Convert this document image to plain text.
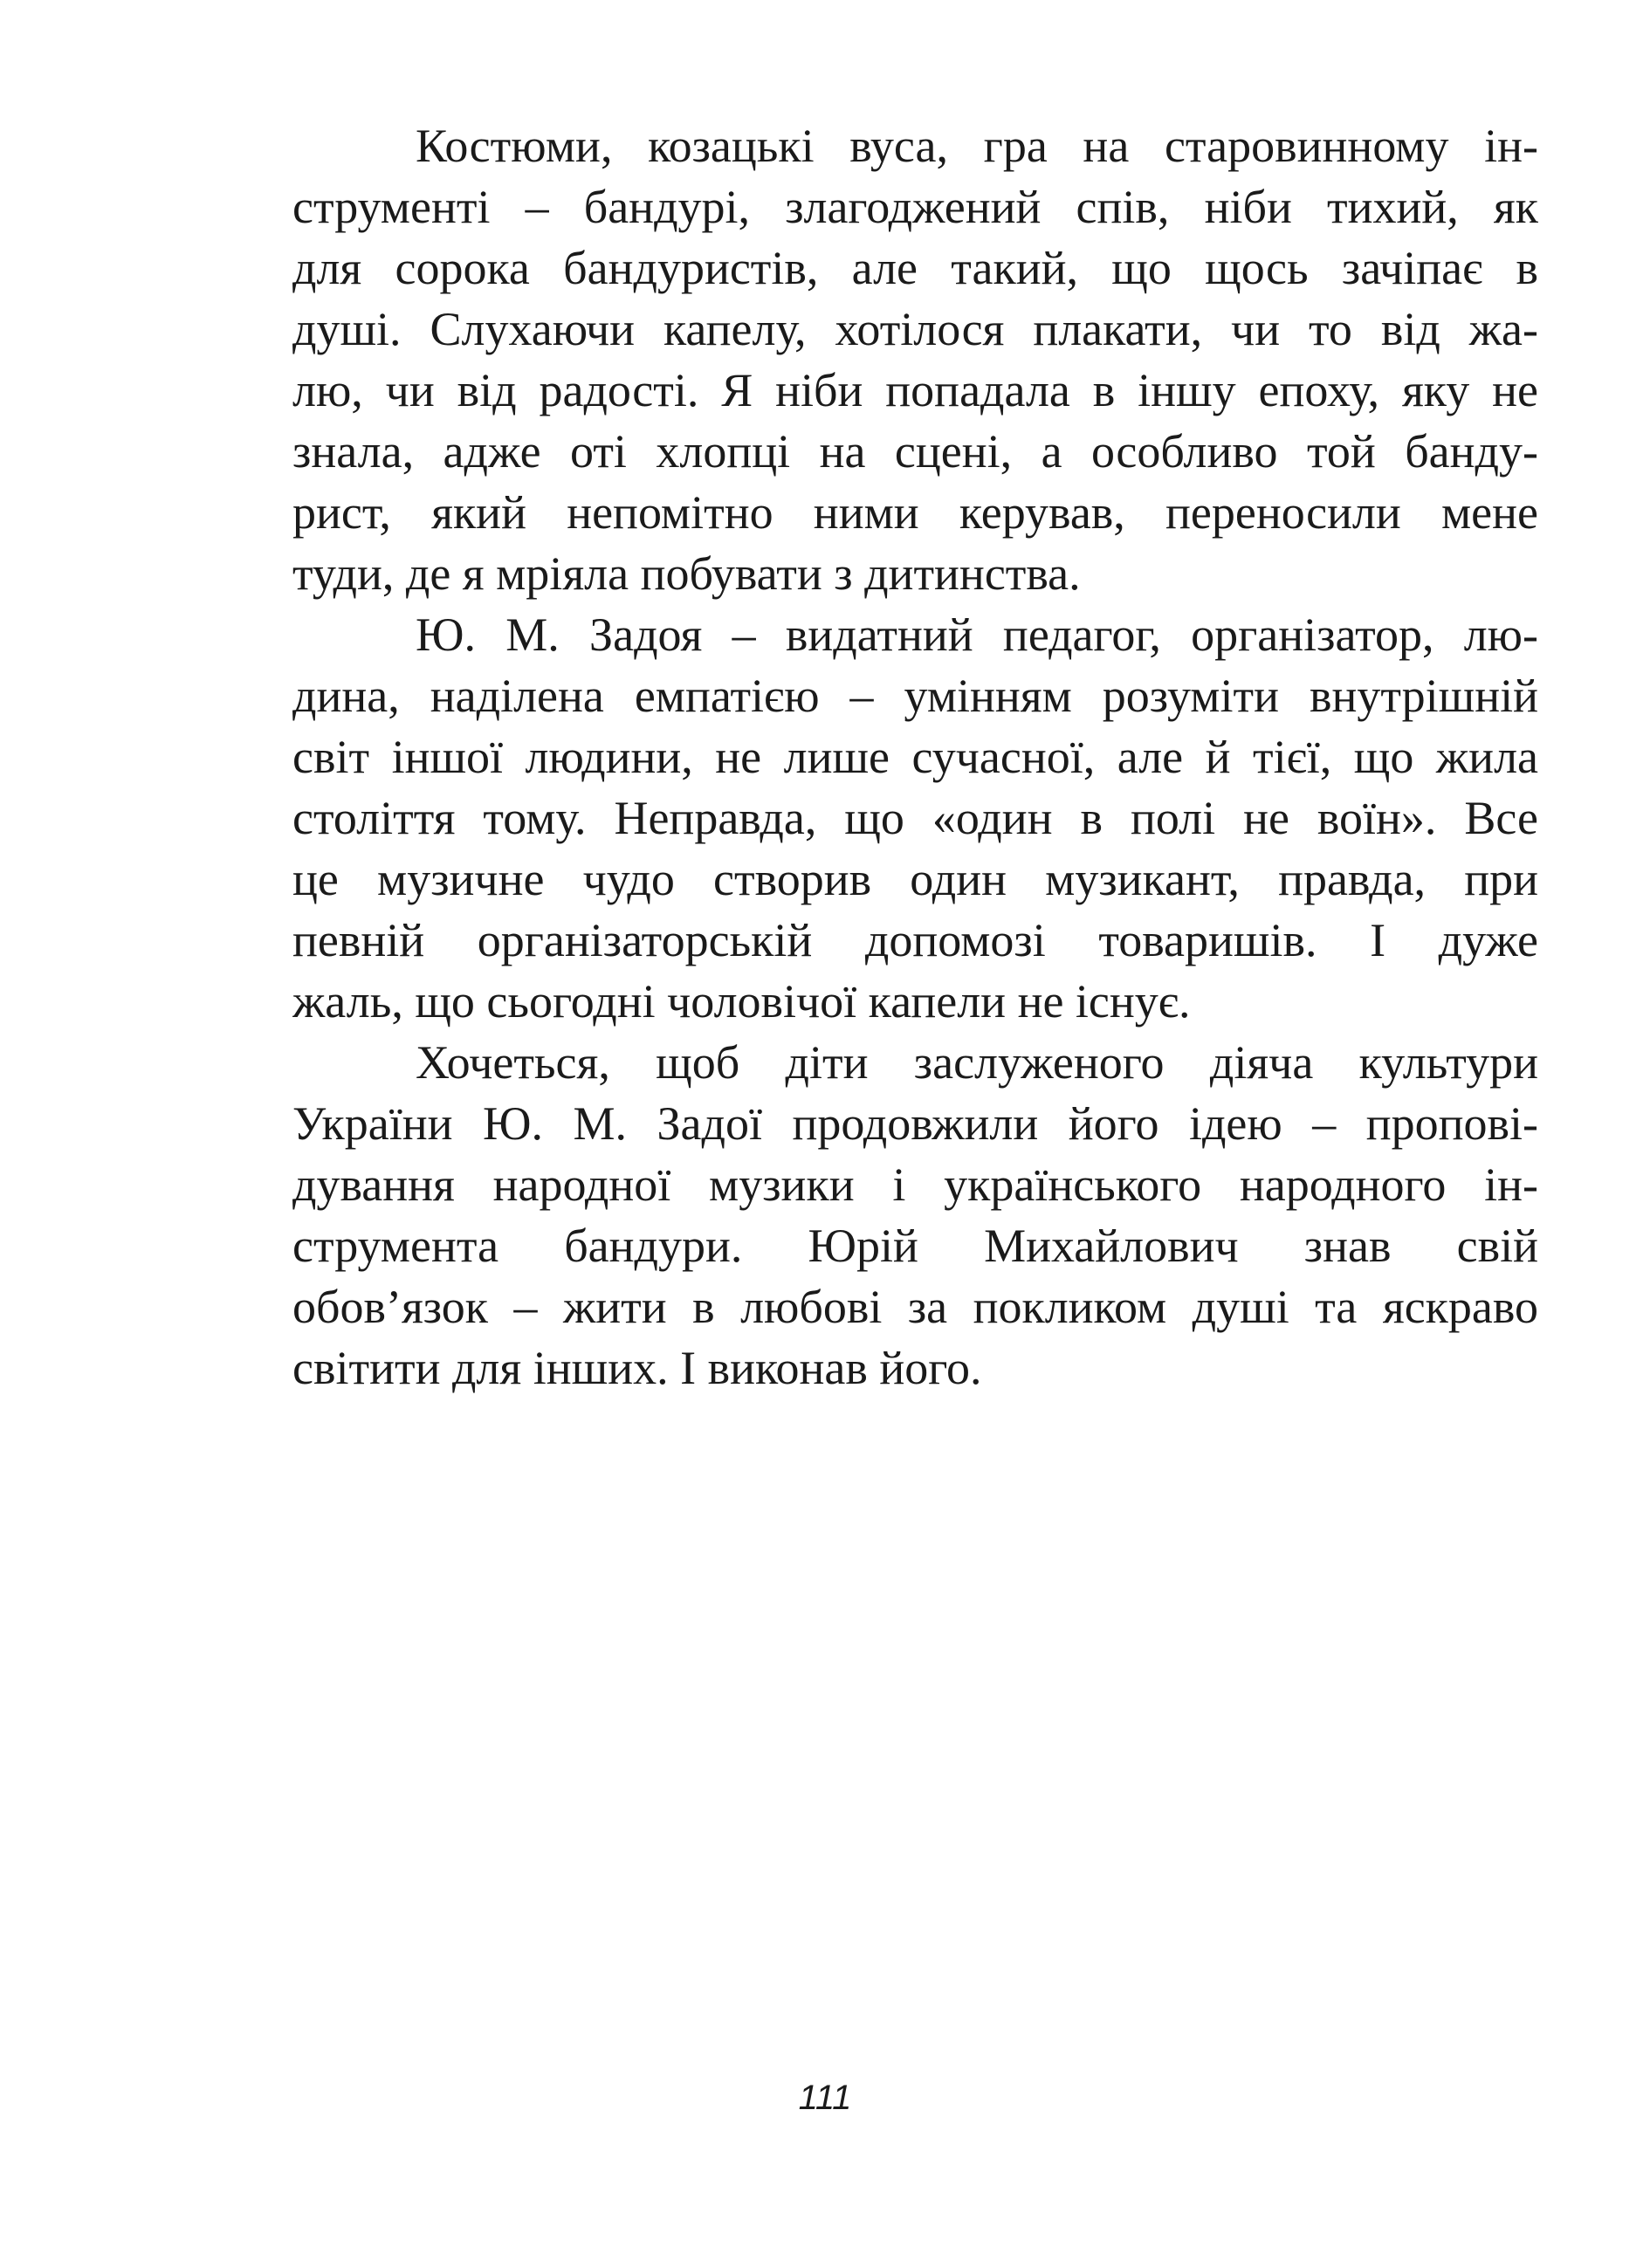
Костюми, козацькі вуса, гра на старовинному ін-
струменті – бандурі, злагоджений спів, ніби тихий, як
для сорока бандуристів, але такий, що щось зачіпає в
душі. Слухаючи капелу, хотілося плакати, чи то від жа-
лю, чи від радості. Я ніби попадала в іншу епоху, яку не
знала, адже оті хлопці на сцені, а особливо той банду-
рист, який непомітно ними керував, переносили мене
туди, де я мріяла побувати з дитинства.
Ю. М. Задоя – видатний педагог, організатор, лю-
дина, наділена емпатією – умінням розуміти внутрішній
світ іншої людини, не лише сучасної, але й тієї, що жила
століття тому. Неправда, що «один в полі не воїн». Все
це музичне чудо створив один музикант, правда, при
певній організаторській допомозі товаришів. І дуже
жаль, що сьогодні чоловічої капели не існує.
Хочеться, щоб діти заслуженого діяча культури
України Ю. М. Задої продовжили його ідею – пропові-
дування народної музики і українського народного ін-
струмента бандури. Юрій Михайлович знав свій
обов’язок – жити в любові за покликом душі та яскраво
світити для інших. І виконав його.
111
